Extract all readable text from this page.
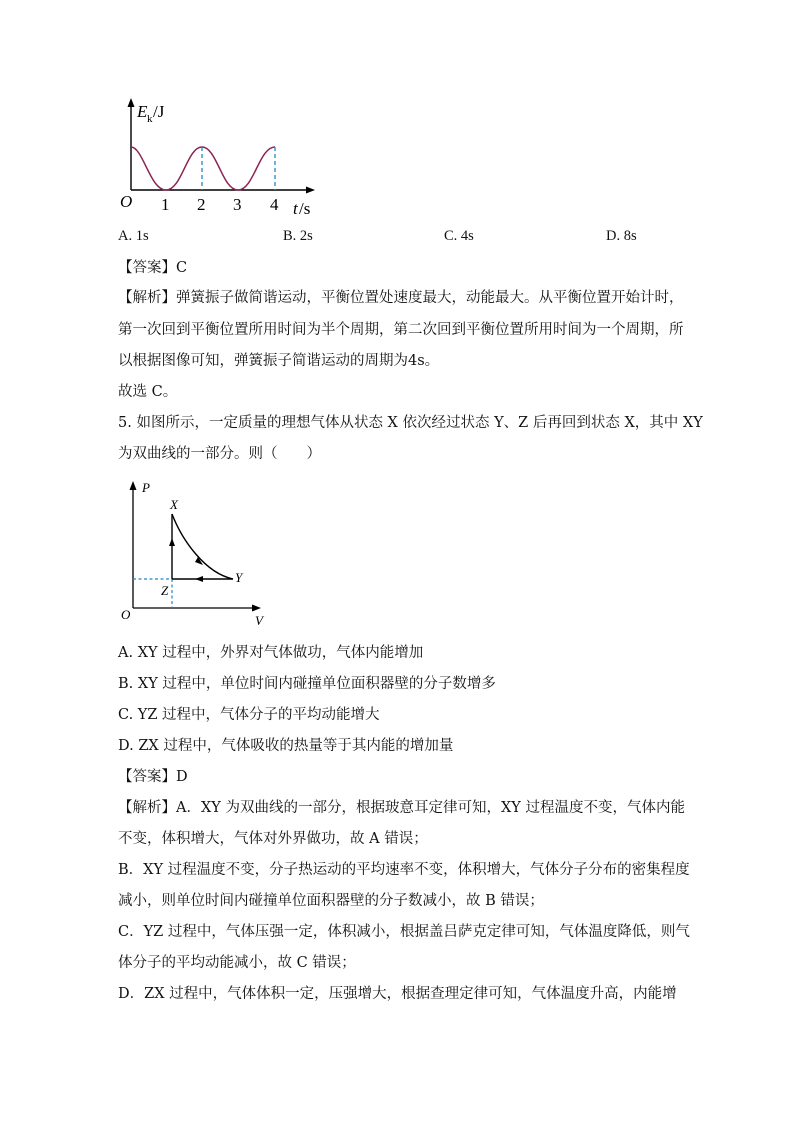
E k /J
O 1 2 3 4 t /s
A. 1s	B. 2s	C. 4s	D. 8s
【答案】C
【解析】弹簧振子做简谐运动，平衡位置处速度最大，动能最大。从平衡位置开始计时，
第一次回到平衡位置所用时间为半个周期，第二次回到平衡位置所用时间为一个周期，所
以根据图像可知，弹簧振子简谐运动的周期为4s。
故选 C。
5. 如图所示，一定质量的理想气体从状态 X 依次经过状态 Y、Z 后再回到状态 X，其中 XY
为双曲线的一部分。则（　　）
P
V
O
X
Y
Z
A. XY 过程中，外界对气体做功，气体内能增加
B. XY 过程中，单位时间内碰撞单位面积器壁的分子数增多
C. YZ 过程中，气体分子的平均动能增大
D. ZX 过程中，气体吸收的热量等于其内能的增加量
【答案】D
【解析】A．XY 为双曲线的一部分，根据玻意耳定律可知，XY 过程温度不变，气体内能
不变，体积增大，气体对外界做功，故 A 错误；
B．XY 过程温度不变，分子热运动的平均速率不变，体积增大，气体分子分布的密集程度
减小，则单位时间内碰撞单位面积器壁的分子数减小，故 B 错误；
C．YZ 过程中，气体压强一定，体积减小，根据盖吕萨克定律可知，气体温度降低，则气
体分子的平均动能减小，故 C 错误；
D．ZX 过程中，气体体积一定，压强增大，根据查理定律可知，气体温度升高，内能增
